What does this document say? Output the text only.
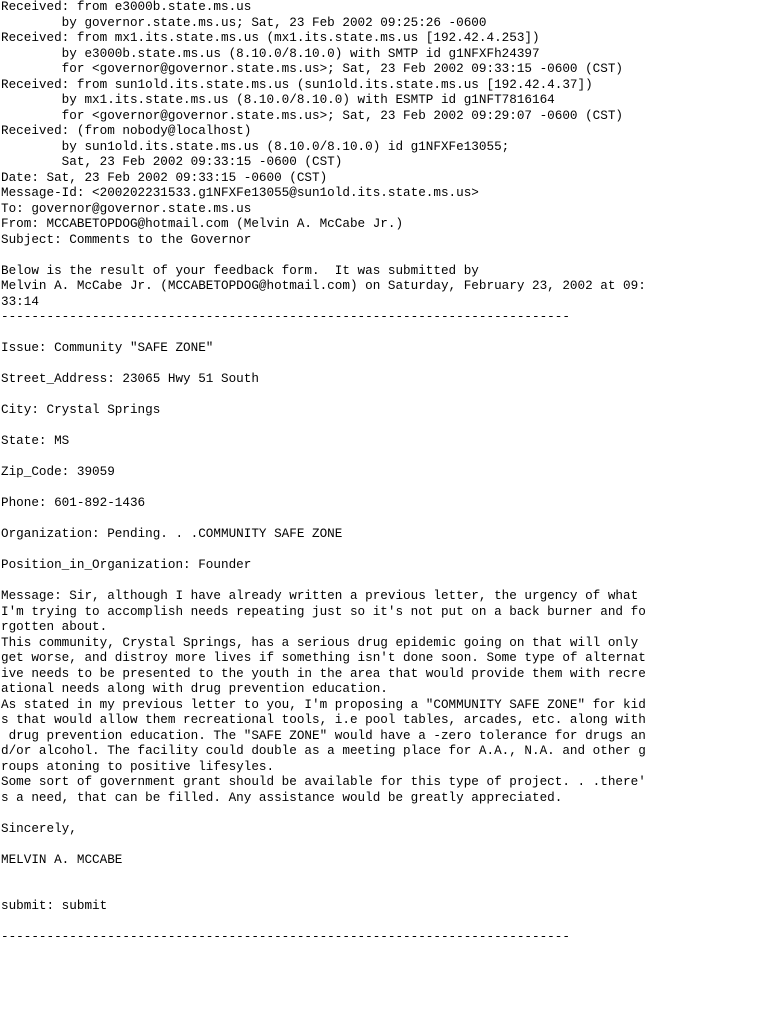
Received: from e3000b.state.ms.us
by governor.state.ms.us; Sat, 23 Feb 2002 09:25:26 -0600
Received: from mx1.its.state.ms.us (mx1.its.state.ms.us [192.42.4.253])
by e3000b.state.ms.us (8.10.0/8.10.0) with SMTP id g1NFXFh24397
for <governor@governor.state.ms.us>; Sat, 23 Feb 2002 09:33:15 -0600 (CST)
Received: from sun1old.its.state.ms.us (sun1old.its.state.ms.us [192.42.4.37])
by mx1.its.state.ms.us (8.10.0/8.10.0) with ESMTP id g1NFT7816164
for <governor@governor.state.ms.us>; Sat, 23 Feb 2002 09:29:07 -0600 (CST)
Received: (from nobody@localhost)
by sun1old.its.state.ms.us (8.10.0/8.10.0) id g1NFXFe13055;
Sat, 23 Feb 2002 09:33:15 -0600 (CST)
Date: Sat, 23 Feb 2002 09:33:15 -0600 (CST)
Message-Id: <200202231533.g1NFXFe13055@sun1old.its.state.ms.us>
To: governor@governor.state.ms.us
From: MCCABETOPDOG@hotmail.com (Melvin A. McCabe Jr.)
Subject: Comments to the Governor
Below is the result of your feedback form.  It was submitted by
Melvin A. McCabe Jr. (MCCABETOPDOG@hotmail.com) on Saturday, February 23, 2002 at 09:
33:14
---------------------------------------------------------------------------
Issue: Community "SAFE ZONE"
Street_Address: 23065 Hwy 51 South
City: Crystal Springs
State: MS
Zip_Code: 39059
Phone: 601-892-1436
Organization: Pending. . .COMMUNITY SAFE ZONE
Position_in_Organization: Founder
Message: Sir, although I have already written a previous letter, the urgency of what
I'm trying to accomplish needs repeating just so it's not put on a back burner and fo
rgotten about.
This community, Crystal Springs, has a serious drug epidemic going on that will only
get worse, and distroy more lives if something isn't done soon. Some type of alternat
ive needs to be presented to the youth in the area that would provide them with recre
ational needs along with drug prevention education.
As stated in my previous letter to you, I'm proposing a "COMMUNITY SAFE ZONE" for kid
s that would allow them recreational tools, i.e pool tables, arcades, etc. along with
drug prevention education. The "SAFE ZONE" would have a -zero tolerance for drugs an
d/or alcohol. The facility could double as a meeting place for A.A., N.A. and other g
roups atoning to positive lifesyles.
Some sort of government grant should be available for this type of project. . .there'
s a need, that can be filled. Any assistance would be greatly appreciated.
Sincerely,
MELVIN A. MCCABE
submit: submit
---------------------------------------------------------------------------
